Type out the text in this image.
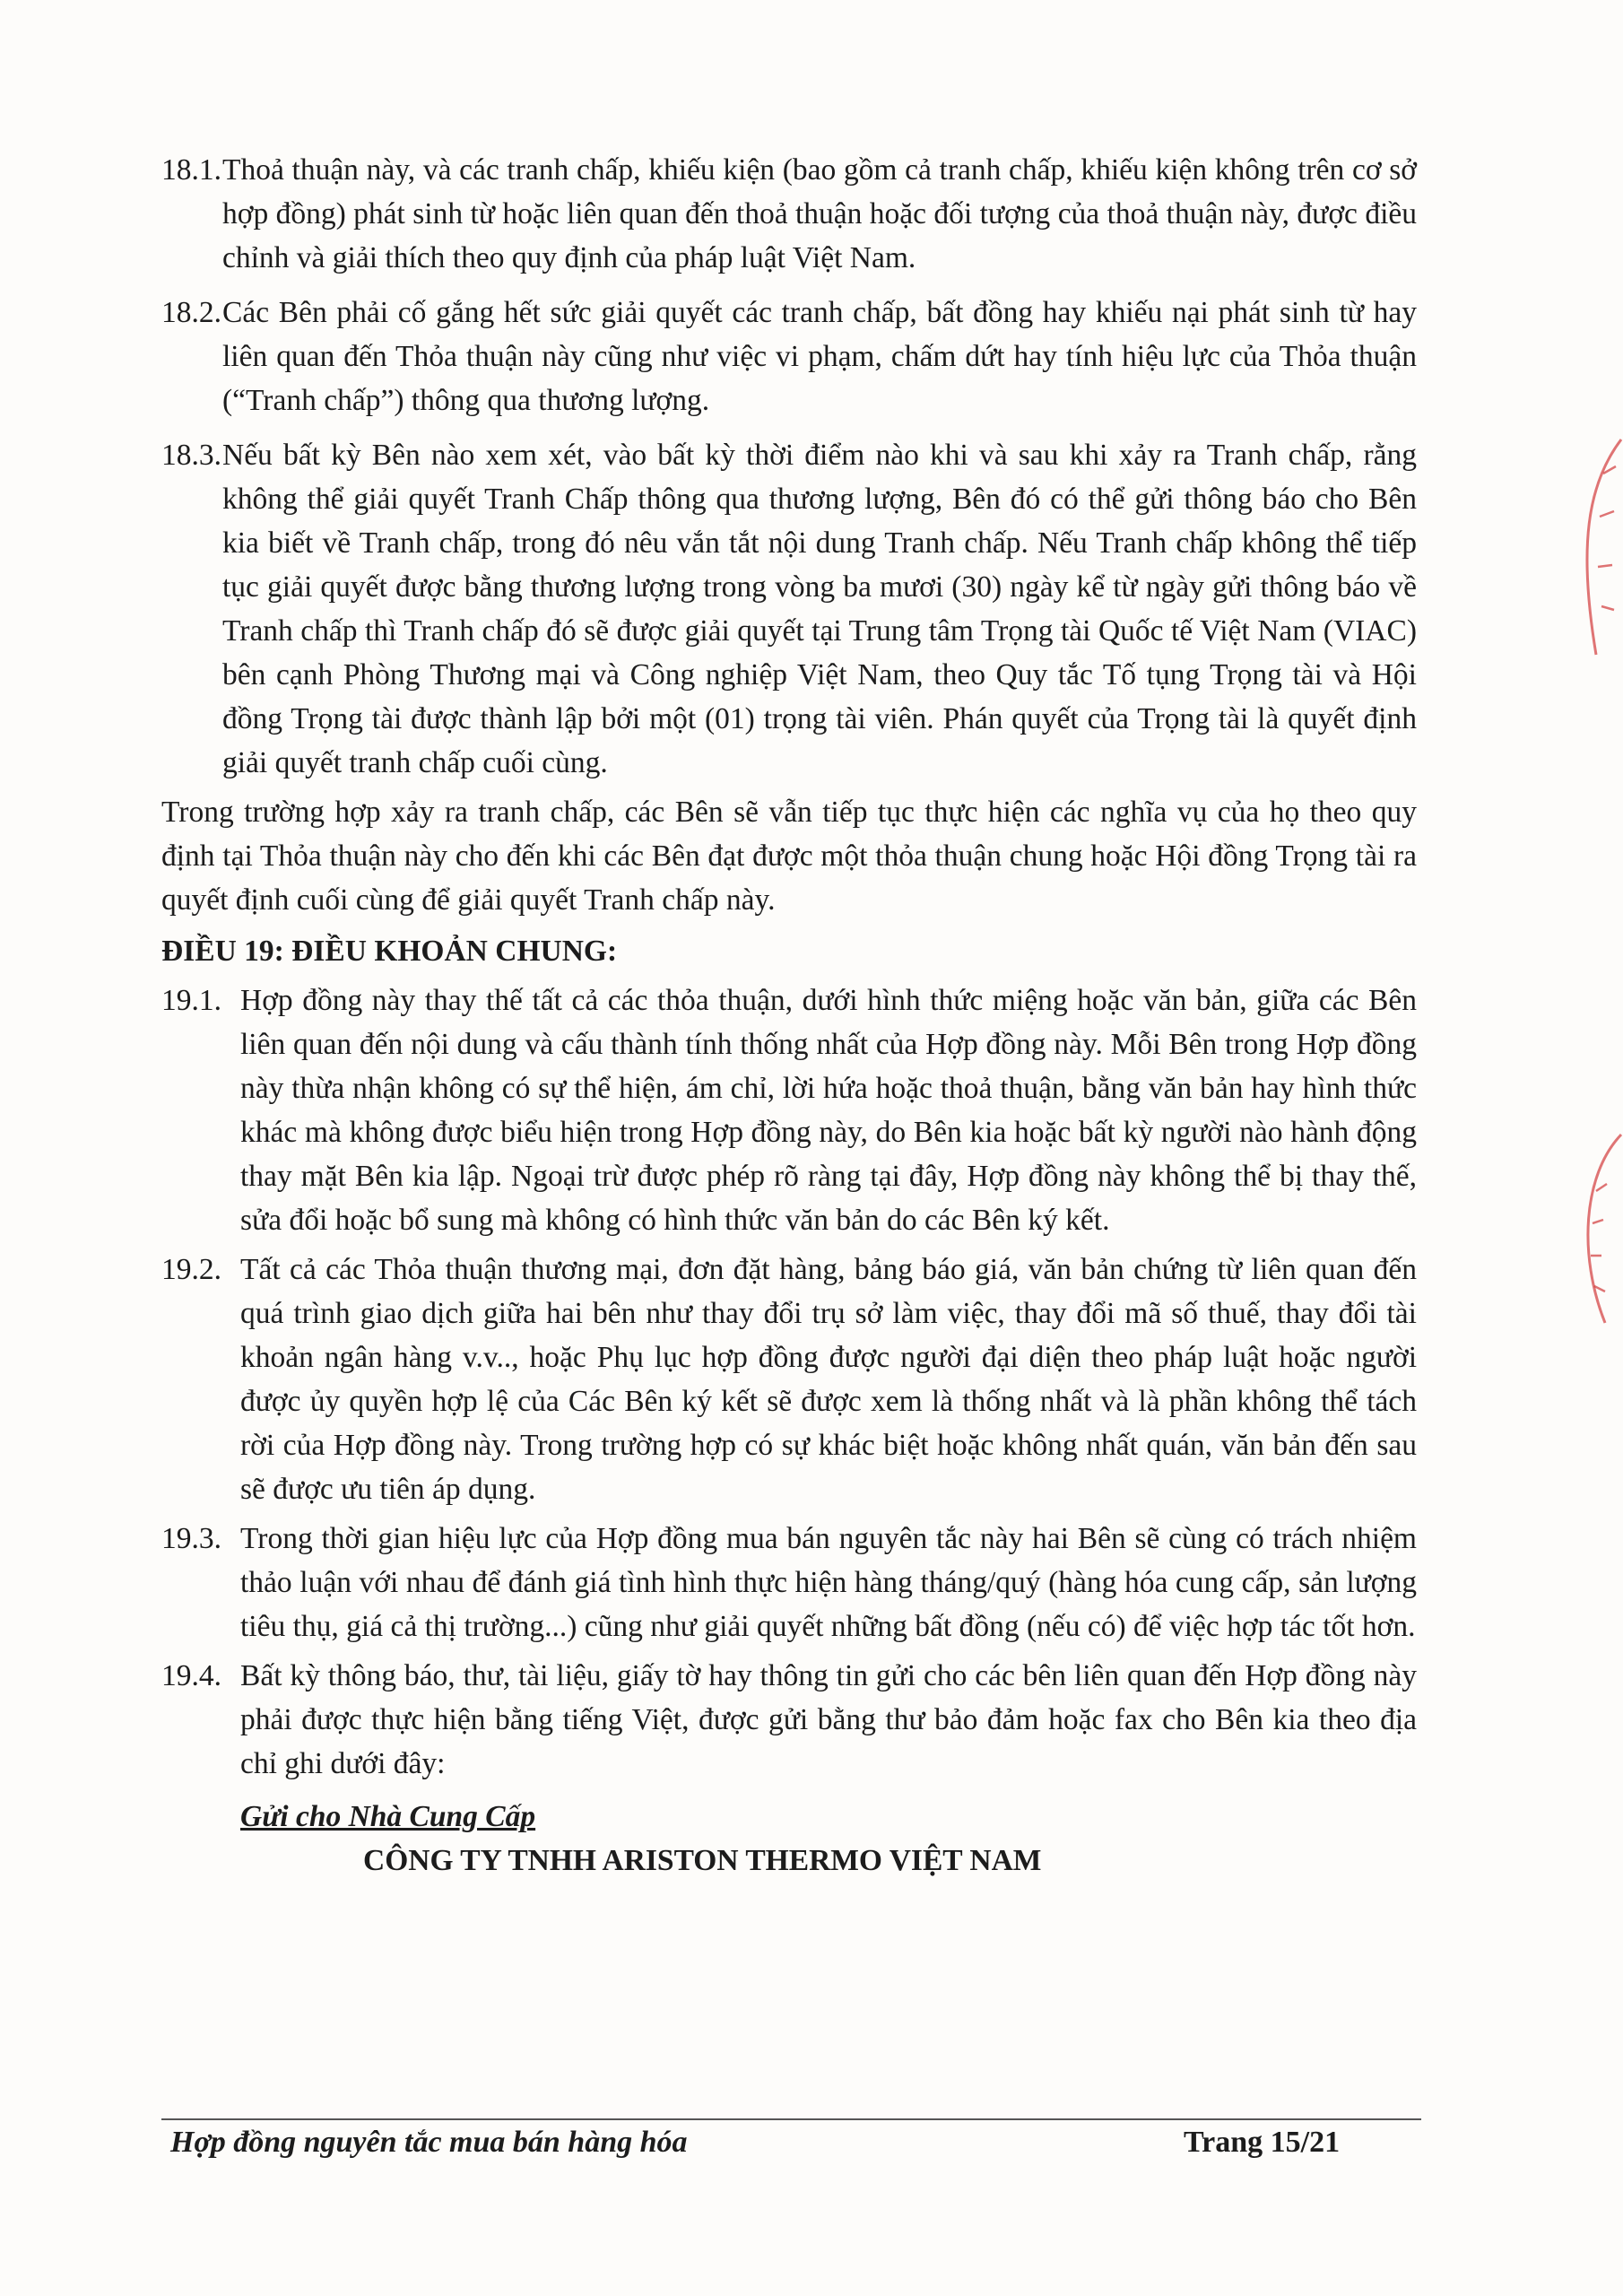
18.1. Thoả thuận này, và các tranh chấp, khiếu kiện (bao gồm cả tranh chấp, khiếu kiện không trên cơ sở hợp đồng) phát sinh từ hoặc liên quan đến thoả thuận hoặc đối tượng của thoả thuận này, được điều chỉnh và giải thích theo quy định của pháp luật Việt Nam.
18.2. Các Bên phải cố gắng hết sức giải quyết các tranh chấp, bất đồng hay khiếu nại phát sinh từ hay liên quan đến Thỏa thuận này cũng như việc vi phạm, chấm dứt hay tính hiệu lực của Thỏa thuận (“Tranh chấp”) thông qua thương lượng.
18.3. Nếu bất kỳ Bên nào xem xét, vào bất kỳ thời điểm nào khi và sau khi xảy ra Tranh chấp, rằng không thể giải quyết Tranh Chấp thông qua thương lượng, Bên đó có thể gửi thông báo cho Bên kia biết về Tranh chấp, trong đó nêu vắn tắt nội dung Tranh chấp. Nếu Tranh chấp không thể tiếp tục giải quyết được bằng thương lượng trong vòng ba mươi (30) ngày kể từ ngày gửi thông báo về Tranh chấp thì Tranh chấp đó sẽ được giải quyết tại Trung tâm Trọng tài Quốc tế Việt Nam (VIAC) bên cạnh Phòng Thương mại và Công nghiệp Việt Nam, theo Quy tắc Tố tụng Trọng tài và Hội đồng Trọng tài được thành lập bởi một (01) trọng tài viên. Phán quyết của Trọng tài là quyết định giải quyết tranh chấp cuối cùng.
Trong trường hợp xảy ra tranh chấp, các Bên sẽ vẫn tiếp tục thực hiện các nghĩa vụ của họ theo quy định tại Thỏa thuận này cho đến khi các Bên đạt được một thỏa thuận chung hoặc Hội đồng Trọng tài ra quyết định cuối cùng để giải quyết Tranh chấp này.
ĐIỀU 19: ĐIỀU KHOẢN CHUNG:
19.1. Hợp đồng này thay thế tất cả các thỏa thuận, dưới hình thức miệng hoặc văn bản, giữa các Bên liên quan đến nội dung và cấu thành tính thống nhất của Hợp đồng này. Mỗi Bên trong Hợp đồng này thừa nhận không có sự thể hiện, ám chỉ, lời hứa hoặc thoả thuận, bằng văn bản hay hình thức khác mà không được biểu hiện trong Hợp đồng này, do Bên kia hoặc bất kỳ người nào hành động thay mặt Bên kia lập. Ngoại trừ được phép rõ ràng tại đây, Hợp đồng này không thể bị thay thế, sửa đổi hoặc bổ sung mà không có hình thức văn bản do các Bên ký kết.
19.2. Tất cả các Thỏa thuận thương mại, đơn đặt hàng, bảng báo giá, văn bản chứng từ liên quan đến quá trình giao dịch giữa hai bên như thay đổi trụ sở làm việc, thay đổi mã số thuế, thay đổi tài khoản ngân hàng v.v.., hoặc Phụ lục hợp đồng được người đại diện theo pháp luật hoặc người được ủy quyền hợp lệ của Các Bên ký kết sẽ được xem là thống nhất và là phần không thể tách rời của Hợp đồng này. Trong trường hợp có sự khác biệt hoặc không nhất quán, văn bản đến sau sẽ được ưu tiên áp dụng.
19.3. Trong thời gian hiệu lực của Hợp đồng mua bán nguyên tắc này hai Bên sẽ cùng có trách nhiệm thảo luận với nhau để đánh giá tình hình thực hiện hàng tháng/quý (hàng hóa cung cấp, sản lượng tiêu thụ, giá cả thị trường...) cũng như giải quyết những bất đồng (nếu có) để việc hợp tác tốt hơn.
19.4. Bất kỳ thông báo, thư, tài liệu, giấy tờ hay thông tin gửi cho các bên liên quan đến Hợp đồng này phải được thực hiện bằng tiếng Việt, được gửi bằng thư bảo đảm hoặc fax cho Bên kia theo địa chỉ ghi dưới đây:
Gửi cho Nhà Cung Cấp
CÔNG TY TNHH ARISTON THERMO VIỆT NAM
Hợp đồng nguyên tắc mua bán hàng hóa	Trang 15/21
